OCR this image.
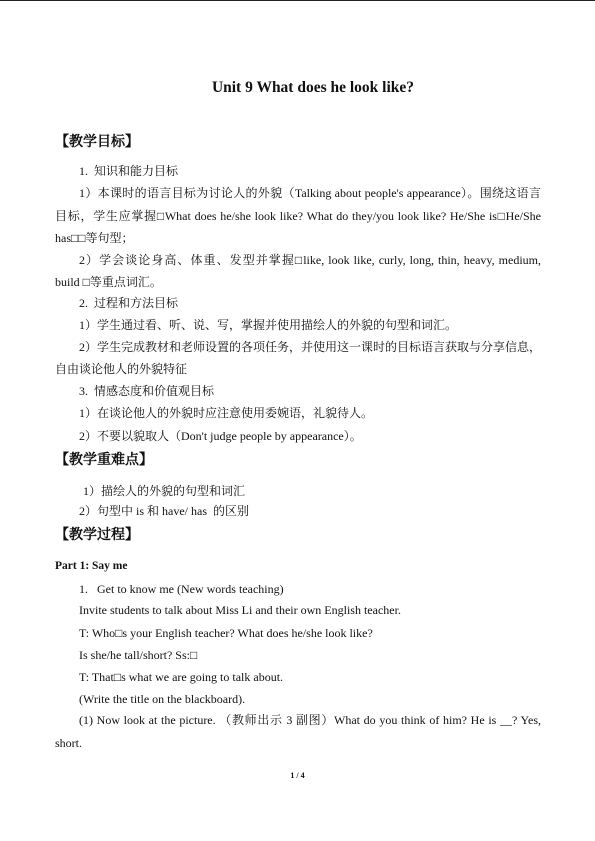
Unit 9 What does he look like?
【教学目标】
1.  知识和能力目标
1）本课时的语言目标为讨论人的外貌（Talking about people's appearance）。围绕这语言
目标，学生应掌握□What does he/she look like? What do they/you look like? He/She is□He/She
has□□等句型；
2）学会谈论身高、体重、发型并掌握□like, look like, curly, long, thin, heavy, medium,
build □等重点词汇。
2.  过程和方法目标
1）学生通过看、听、说、写，掌握并使用描绘人的外貌的句型和词汇。
2）学生完成教材和老师设置的各项任务，并使用这一课时的目标语言获取与分享信息，
自由谈论他人的外貌特征
3.  情感态度和价值观目标
1）在谈论他人的外貌时应注意使用委婉语，礼貌待人。
2）不要以貌取人（Don't judge people by appearance）。
【教学重难点】
1）描绘人的外貌的句型和词汇
2）句型中 is 和 have/ has  的区别
【教学过程】
Part 1: Say me
1.   Get to know me (New words teaching)
Invite students to talk about Miss Li and their own English teacher.
T: Who□s your English teacher? What does he/she look like?
Is she/he tall/short? Ss:□
T: That□s what we are going to talk about.
(Write the title on the blackboard).
(1) Now look at the picture. （教师出示 3 副图）What do you think of him? He is __? Yes,
short.
1 / 4
